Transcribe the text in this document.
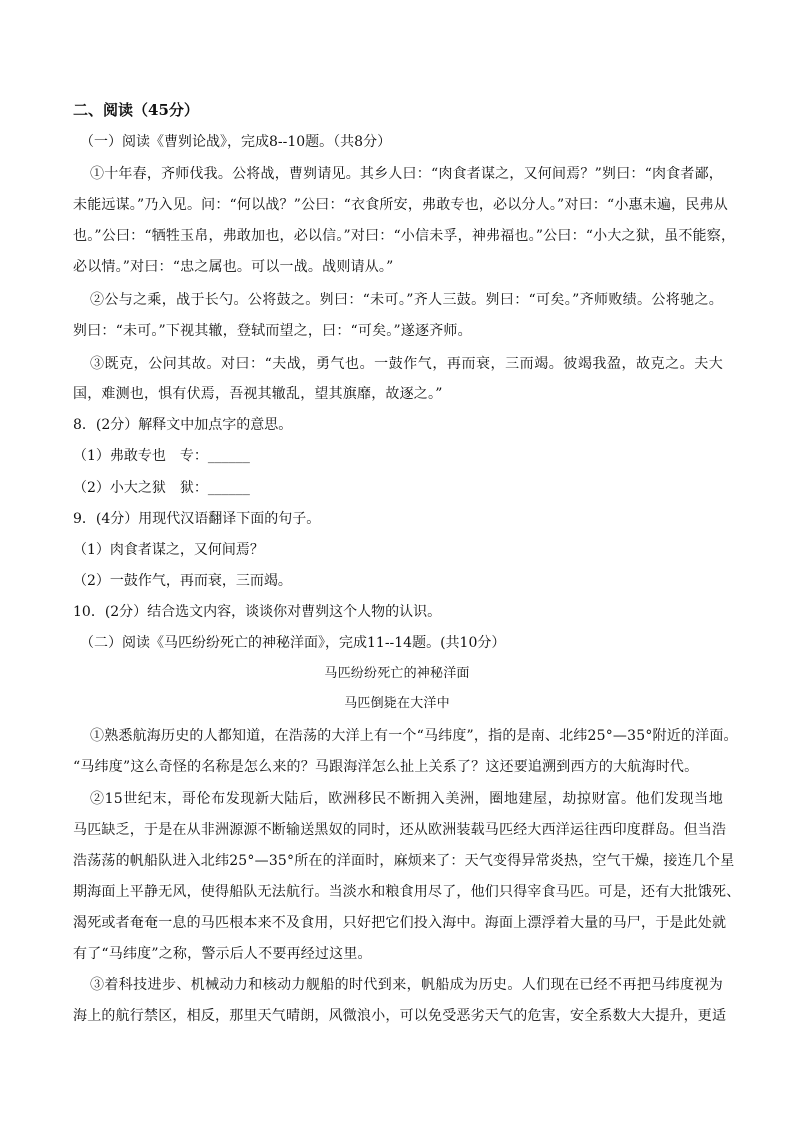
二、阅读（45分）
（一）阅读《曹刿论战》，完成8--10题。（共8分）
①十年春，齐师伐我。公将战，曹刿请见。其乡人曰：“肉食者谋之，又何间焉？”刿曰：“肉食者鄙，
未能远谋。”乃入见。问：“何以战？”公曰：“衣食所安，弗敢专也，必以分人。”对曰：“小惠未遍，民弗从
也。”公曰：“牺牲玉帛，弗敢加也，必以信。”对曰：“小信未孚，神弗福也。”公曰：“小大之狱，虽不能察，
必以情。”对曰：“忠之属也。可以一战。战则请从。”
②公与之乘，战于长勺。公将鼓之。刿曰：“未可。”齐人三鼓。刿曰：“可矣。”齐师败绩。公将驰之。
刿曰：“未可。”下视其辙，登轼而望之，曰：“可矣。”遂逐齐师。
③既克，公问其故。对曰：“夫战，勇气也。一鼓作气，再而衰，三而竭。彼竭我盈，故克之。夫大
国，难测也，惧有伏焉，吾视其辙乱，望其旗靡，故逐之。”
8．(2分）解释文中加点字的意思。
（1）弗敢专也　专：______
（2）小大之狱　狱：______
9．(4分）用现代汉语翻译下面的句子。
（1）肉食者谋之，又何间焉？
（2）一鼓作气，再而衰，三而竭。
10．(2分）结合选文内容，谈谈你对曹刿这个人物的认识。
（二）阅读《马匹纷纷死亡的神秘洋面》，完成11--14题。(共10分）
马匹纷纷死亡的神秘洋面
马匹倒毙在大洋中
①熟悉航海历史的人都知道，在浩荡的大洋上有一个“马纬度”，指的是南、北纬25°—35°附近的洋面。
“马纬度”这么奇怪的名称是怎么来的？马跟海洋怎么扯上关系了？这还要追溯到西方的大航海时代。
②15世纪末，哥伦布发现新大陆后，欧洲移民不断拥入美洲，圈地建屋，劫掠财富。他们发现当地
马匹缺乏，于是在从非洲源源不断输送黑奴的同时，还从欧洲装载马匹经大西洋运往西印度群岛。但当浩
浩荡荡的帆船队进入北纬25°—35°所在的洋面时，麻烦来了：天气变得异常炎热，空气干燥，接连几个星
期海面上平静无风，使得船队无法航行。当淡水和粮食用尽了，他们只得宰食马匹。可是，还有大批饿死、
渴死或者奄奄一息的马匹根本来不及食用，只好把它们投入海中。海面上漂浮着大量的马尸，于是此处就
有了“马纬度”之称，警示后人不要再经过这里。
③着科技进步、机械动力和核动力舰船的时代到来，帆船成为历史。人们现在已经不再把马纬度视为
海上的航行禁区，相反，那里天气晴朗，风微浪小，可以免受恶劣天气的危害，安全系数大大提升，更适
